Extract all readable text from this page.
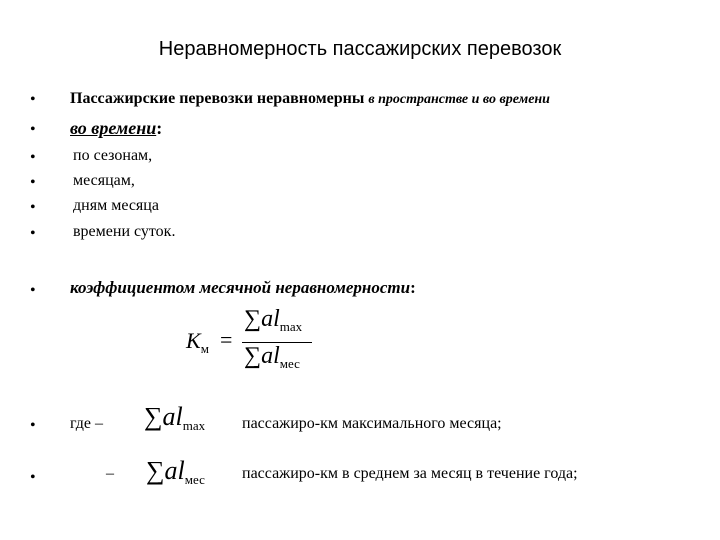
Неравномерность пассажирских перевозок
• Пассажирские перевозки неравномерны в пространстве и во времени
• во времени:
• по сезонам,
• месяцам,
• дням месяца
• времени суток.
• коэффициентом месячной неравномерности:
$K_м$ =
$\sum al_{max}$
$\sum al_{мес}$
• где – $\sum al_{max}$ пассажиро-км максимального месяца;
•	– $\sum al_{мес}$ пассажиро-км в среднем за месяц в течение года;
